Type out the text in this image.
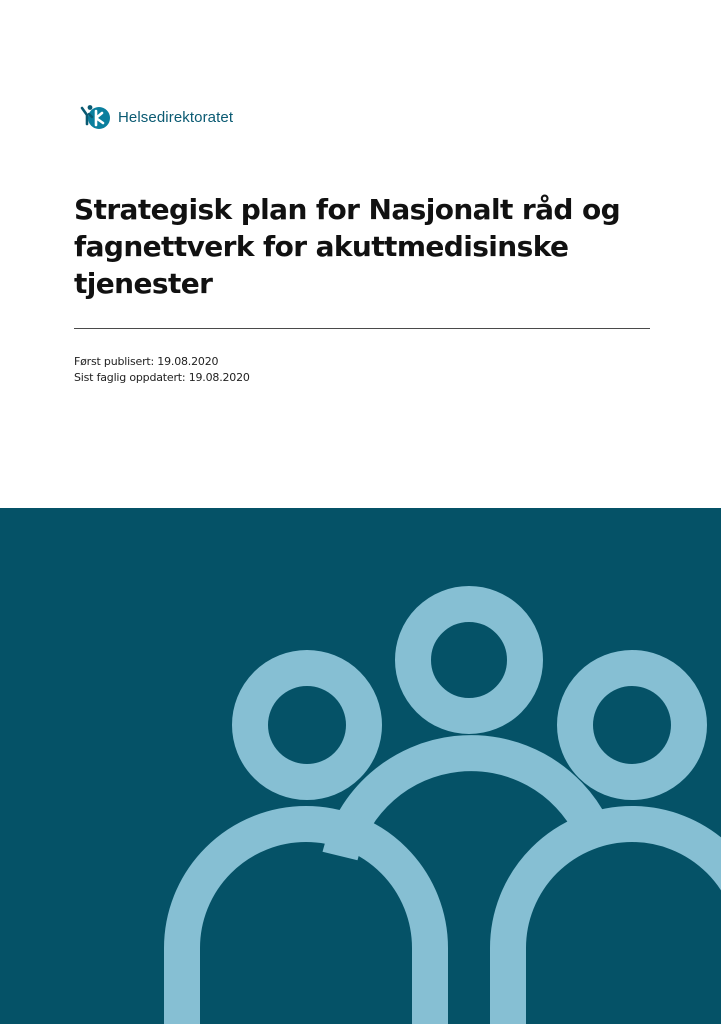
Helsedirektoratet
Strategisk plan for Nasjonalt råd og fagnettverk for akuttmedisinske tjenester
Først publisert: 19.08.2020
Sist faglig oppdatert: 19.08.2020
